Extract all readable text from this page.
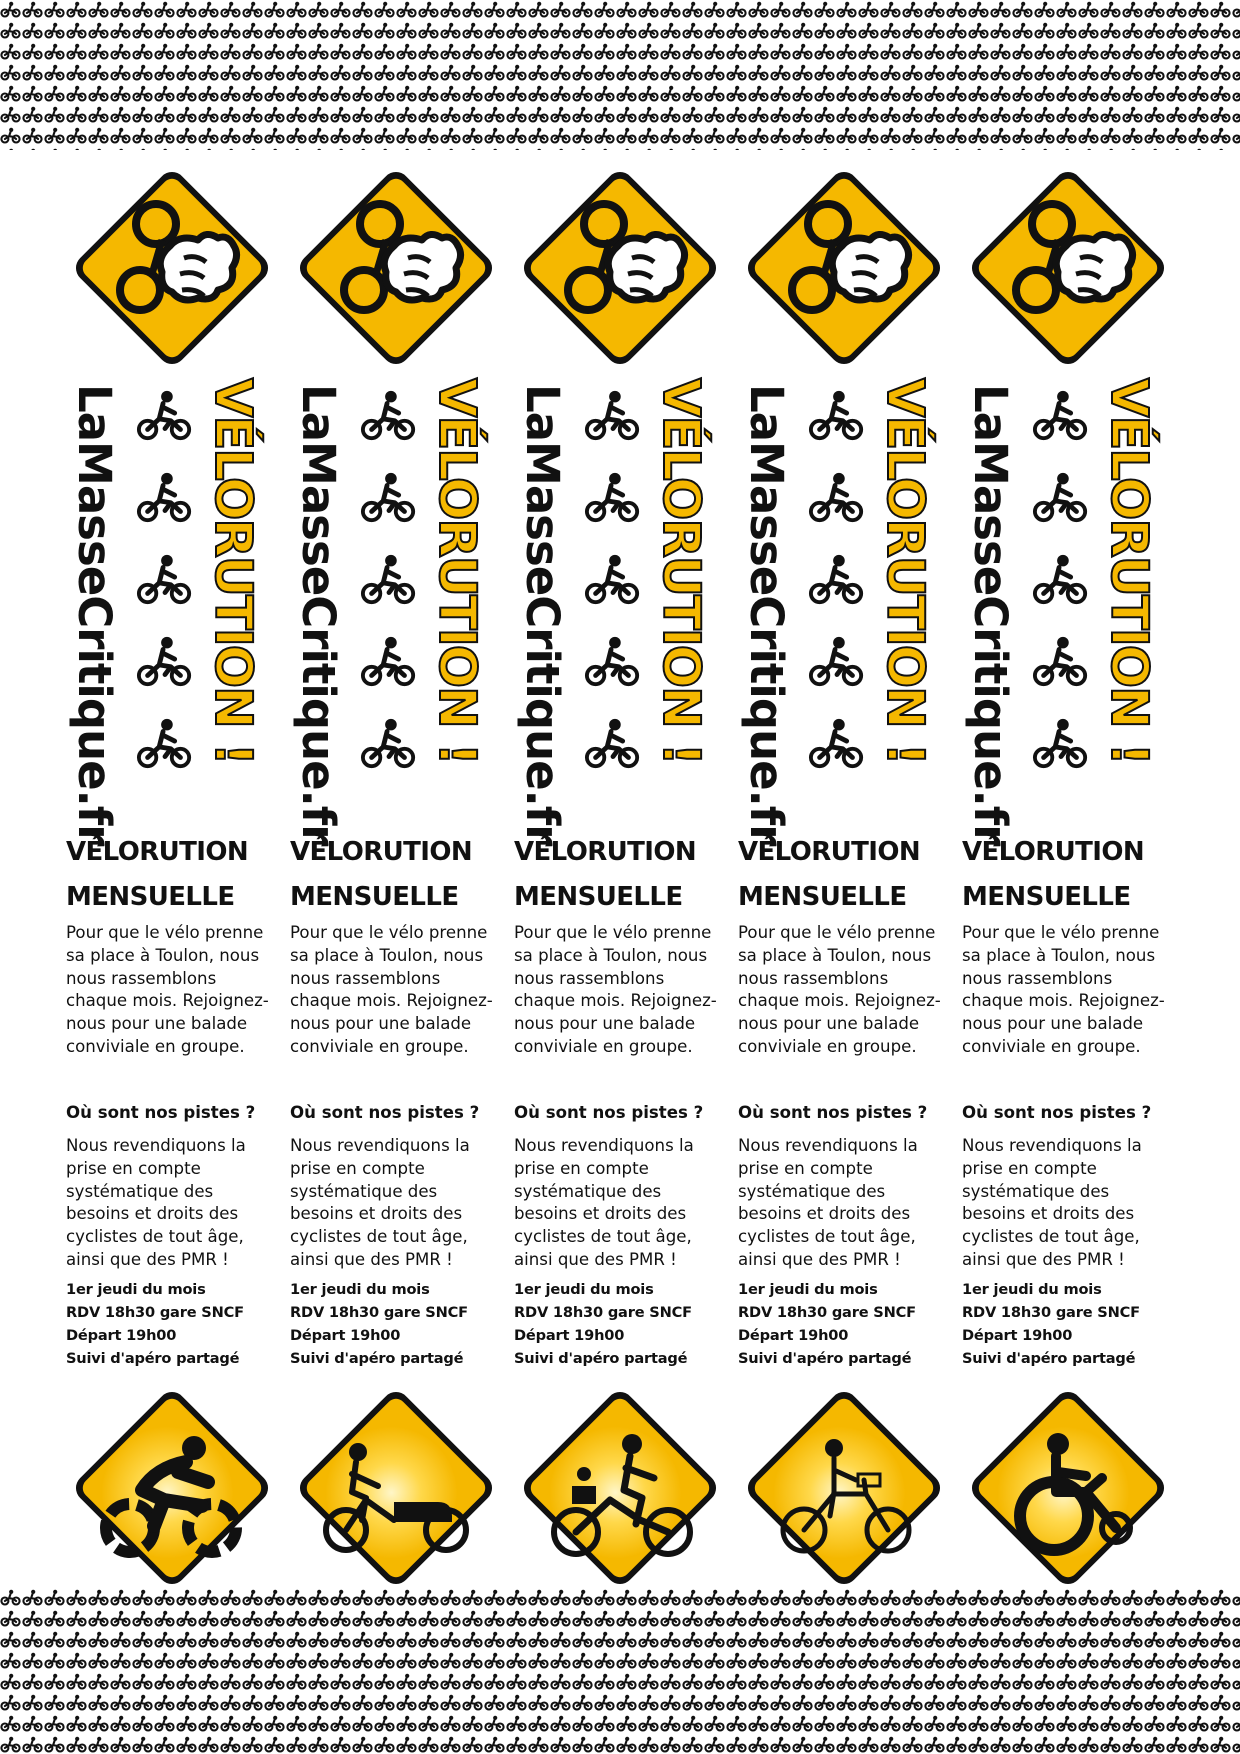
LaMasseCritique.fr VÉLORUTION !
VÉLORUTION
MENSUELLE
Pour que le vélo prenne sa place à Toulon, nous nous rassemblons chaque mois. Rejoignez-nous pour une balade conviviale en groupe.
Où sont nos pistes ?
Nous revendiquons la prise en compte systématique des besoins et droits des cyclistes de tout âge, ainsi que des PMR !
1er jeudi du mois
RDV 18h30 gare SNCF
Départ 19h00
Suivi d'apéro partagé
LaMasseCritique.fr VÉLORUTION !
VÉLORUTION
MENSUELLE
Pour que le vélo prenne sa place à Toulon, nous nous rassemblons chaque mois. Rejoignez-nous pour une balade conviviale en groupe.
Où sont nos pistes ?
Nous revendiquons la prise en compte systématique des besoins et droits des cyclistes de tout âge, ainsi que des PMR !
1er jeudi du mois
RDV 18h30 gare SNCF
Départ 19h00
Suivi d'apéro partagé
LaMasseCritique.fr VÉLORUTION !
VÉLORUTION
MENSUELLE
Pour que le vélo prenne sa place à Toulon, nous nous rassemblons chaque mois. Rejoignez-nous pour une balade conviviale en groupe.
Où sont nos pistes ?
Nous revendiquons la prise en compte systématique des besoins et droits des cyclistes de tout âge, ainsi que des PMR !
1er jeudi du mois
RDV 18h30 gare SNCF
Départ 19h00
Suivi d'apéro partagé
LaMasseCritique.fr VÉLORUTION !
VÉLORUTION
MENSUELLE
Pour que le vélo prenne sa place à Toulon, nous nous rassemblons chaque mois. Rejoignez-nous pour une balade conviviale en groupe.
Où sont nos pistes ?
Nous revendiquons la prise en compte systématique des besoins et droits des cyclistes de tout âge, ainsi que des PMR !
1er jeudi du mois
RDV 18h30 gare SNCF
Départ 19h00
Suivi d'apéro partagé
LaMasseCritique.fr VÉLORUTION !
VÉLORUTION
MENSUELLE
Pour que le vélo prenne sa place à Toulon, nous nous rassemblons chaque mois. Rejoignez-nous pour une balade conviviale en groupe.
Où sont nos pistes ?
Nous revendiquons la prise en compte systématique des besoins et droits des cyclistes de tout âge, ainsi que des PMR !
1er jeudi du mois
RDV 18h30 gare SNCF
Départ 19h00
Suivi d'apéro partagé
